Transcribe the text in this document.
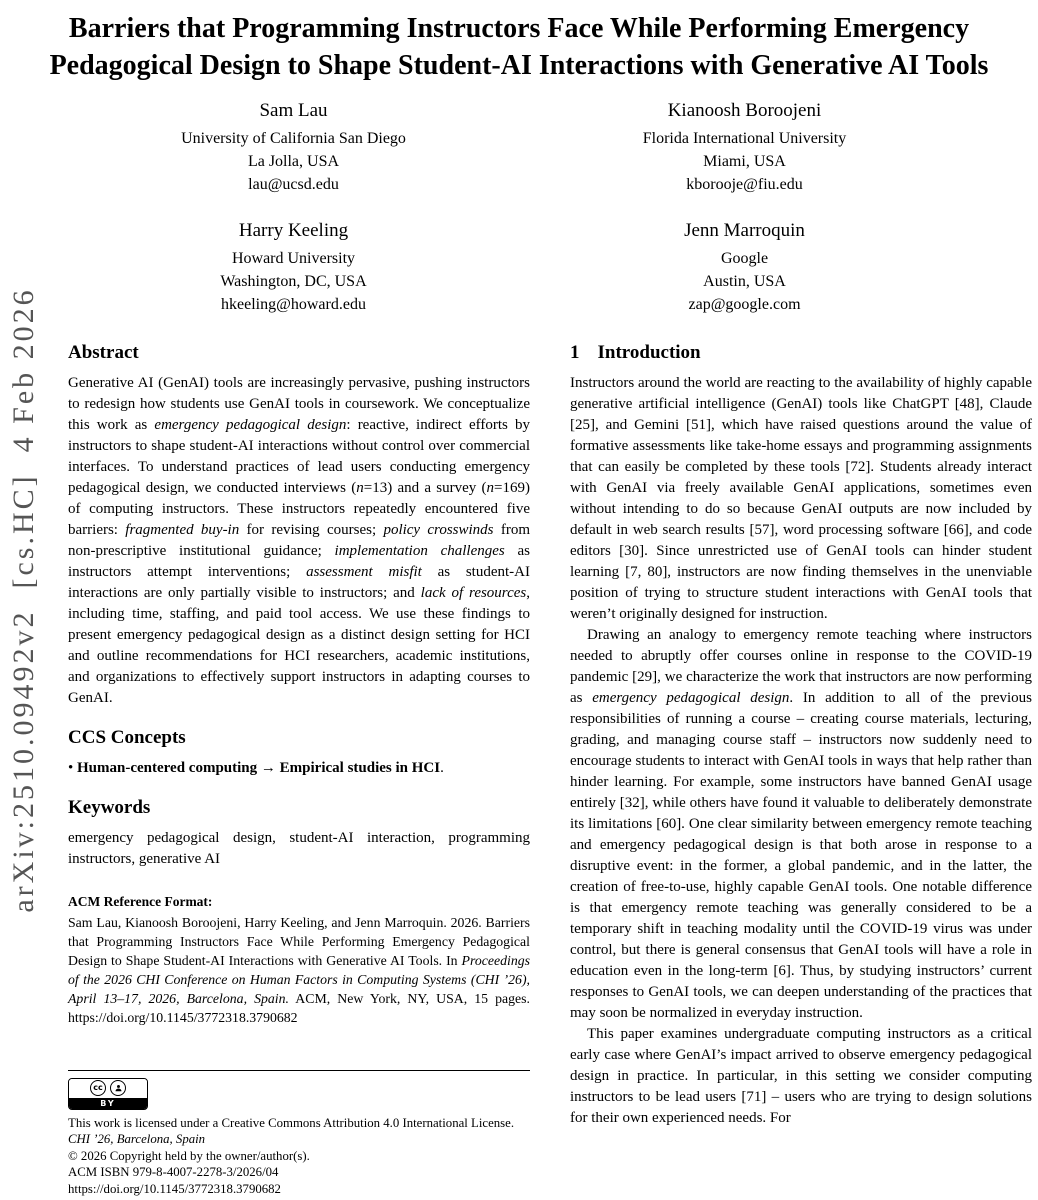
arXiv:2510.09492v2  [cs.HC]  4 Feb 2026
Barriers that Programming Instructors Face While Performing Emergency Pedagogical Design to Shape Student-AI Interactions with Generative AI Tools
Sam Lau
University of California San Diego
La Jolla, USA
lau@ucsd.edu
Kianoosh Boroojeni
Florida International University
Miami, USA
kborooje@fiu.edu
Harry Keeling
Howard University
Washington, DC, USA
hkeeling@howard.edu
Jenn Marroquin
Google
Austin, USA
zap@google.com
Abstract

Generative AI (GenAI) tools are increasingly pervasive, pushing instructors to redesign how students use GenAI tools in coursework. We conceptualize this work as emergency pedagogical design: reactive, indirect efforts by instructors to shape student-AI interactions without control over commercial interfaces. To understand practices of lead users conducting emergency pedagogical design, we conducted interviews (n=13) and a survey (n=169) of computing instructors. These instructors repeatedly encountered five barriers: fragmented buy-in for revising courses; policy crosswinds from non-prescriptive institutional guidance; implementation challenges as instructors attempt interventions; assessment misfit as student-AI interactions are only partially visible to instructors; and lack of resources, including time, staffing, and paid tool access. We use these findings to present emergency pedagogical design as a distinct design setting for HCI and outline recommendations for HCI researchers, academic institutions, and organizations to effectively support instructors in adapting courses to GenAI.

CCS Concepts

• Human-centered computing → Empirical studies in HCI.

Keywords

emergency pedagogical design, student-AI interaction, programming instructors, generative AI

ACM Reference Format:

Sam Lau, Kianoosh Boroojeni, Harry Keeling, and Jenn Marroquin. 2026. Barriers that Programming Instructors Face While Performing Emergency Pedagogical Design to Shape Student-AI Interactions with Generative AI Tools. In Proceedings of the 2026 CHI Conference on Human Factors in Computing Systems (CHI ’26), April 13–17, 2026, Barcelona, Spain. ACM, New York, NY, USA, 15 pages. https://doi.org/10.1145/3772318.3790682

1 Introduction

Instructors around the world are reacting to the availability of highly capable generative artificial intelligence (GenAI) tools like ChatGPT [48], Claude [25], and Gemini [51], which have raised questions around the value of formative assessments like take-home essays and programming assignments that can easily be completed by these tools [72]. Students already interact with GenAI via freely available GenAI applications, sometimes even without intending to do so because GenAI outputs are now included by default in web search results [57], word processing software [66], and code editors [30]. Since unrestricted use of GenAI tools can hinder student learning [7, 80], instructors are now finding themselves in the unenviable position of trying to structure student interactions with GenAI tools that weren’t originally designed for instruction.

Drawing an analogy to emergency remote teaching where instructors needed to abruptly offer courses online in response to the COVID-19 pandemic [29], we characterize the work that instructors are now performing as emergency pedagogical design. In addition to all of the previous responsibilities of running a course – creating course materials, lecturing, grading, and managing course staff – instructors now suddenly need to encourage students to interact with GenAI tools in ways that help rather than hinder learning. For example, some instructors have banned GenAI usage entirely [32], while others have found it valuable to deliberately demonstrate its limitations [60]. One clear similarity between emergency remote teaching and emergency pedagogical design is that both arose in response to a disruptive event: in the former, a global pandemic, and in the latter, the creation of free-to-use, highly capable GenAI tools. One notable difference is that emergency remote teaching was generally considered to be a temporary shift in teaching modality until the COVID-19 virus was under control, but there is general consensus that GenAI tools will have a role in education even in the long-term [6]. Thus, by studying instructors’ current responses to GenAI tools, we can deepen understanding of the practices that may soon be normalized in everyday instruction.

This paper examines undergraduate computing instructors as a critical early case where GenAI’s impact arrived to observe emergency pedagogical design in practice. In particular, in this setting we consider computing instructors to be lead users [71] – users who are trying to design solutions for their own experienced needs. For

cc
BY
This work is licensed under a Creative Commons Attribution 4.0 International License.
CHI ’26, Barcelona, Spain
© 2026 Copyright held by the owner/author(s).
ACM ISBN 979-8-4007-2278-3/2026/04
https://doi.org/10.1145/3772318.3790682
